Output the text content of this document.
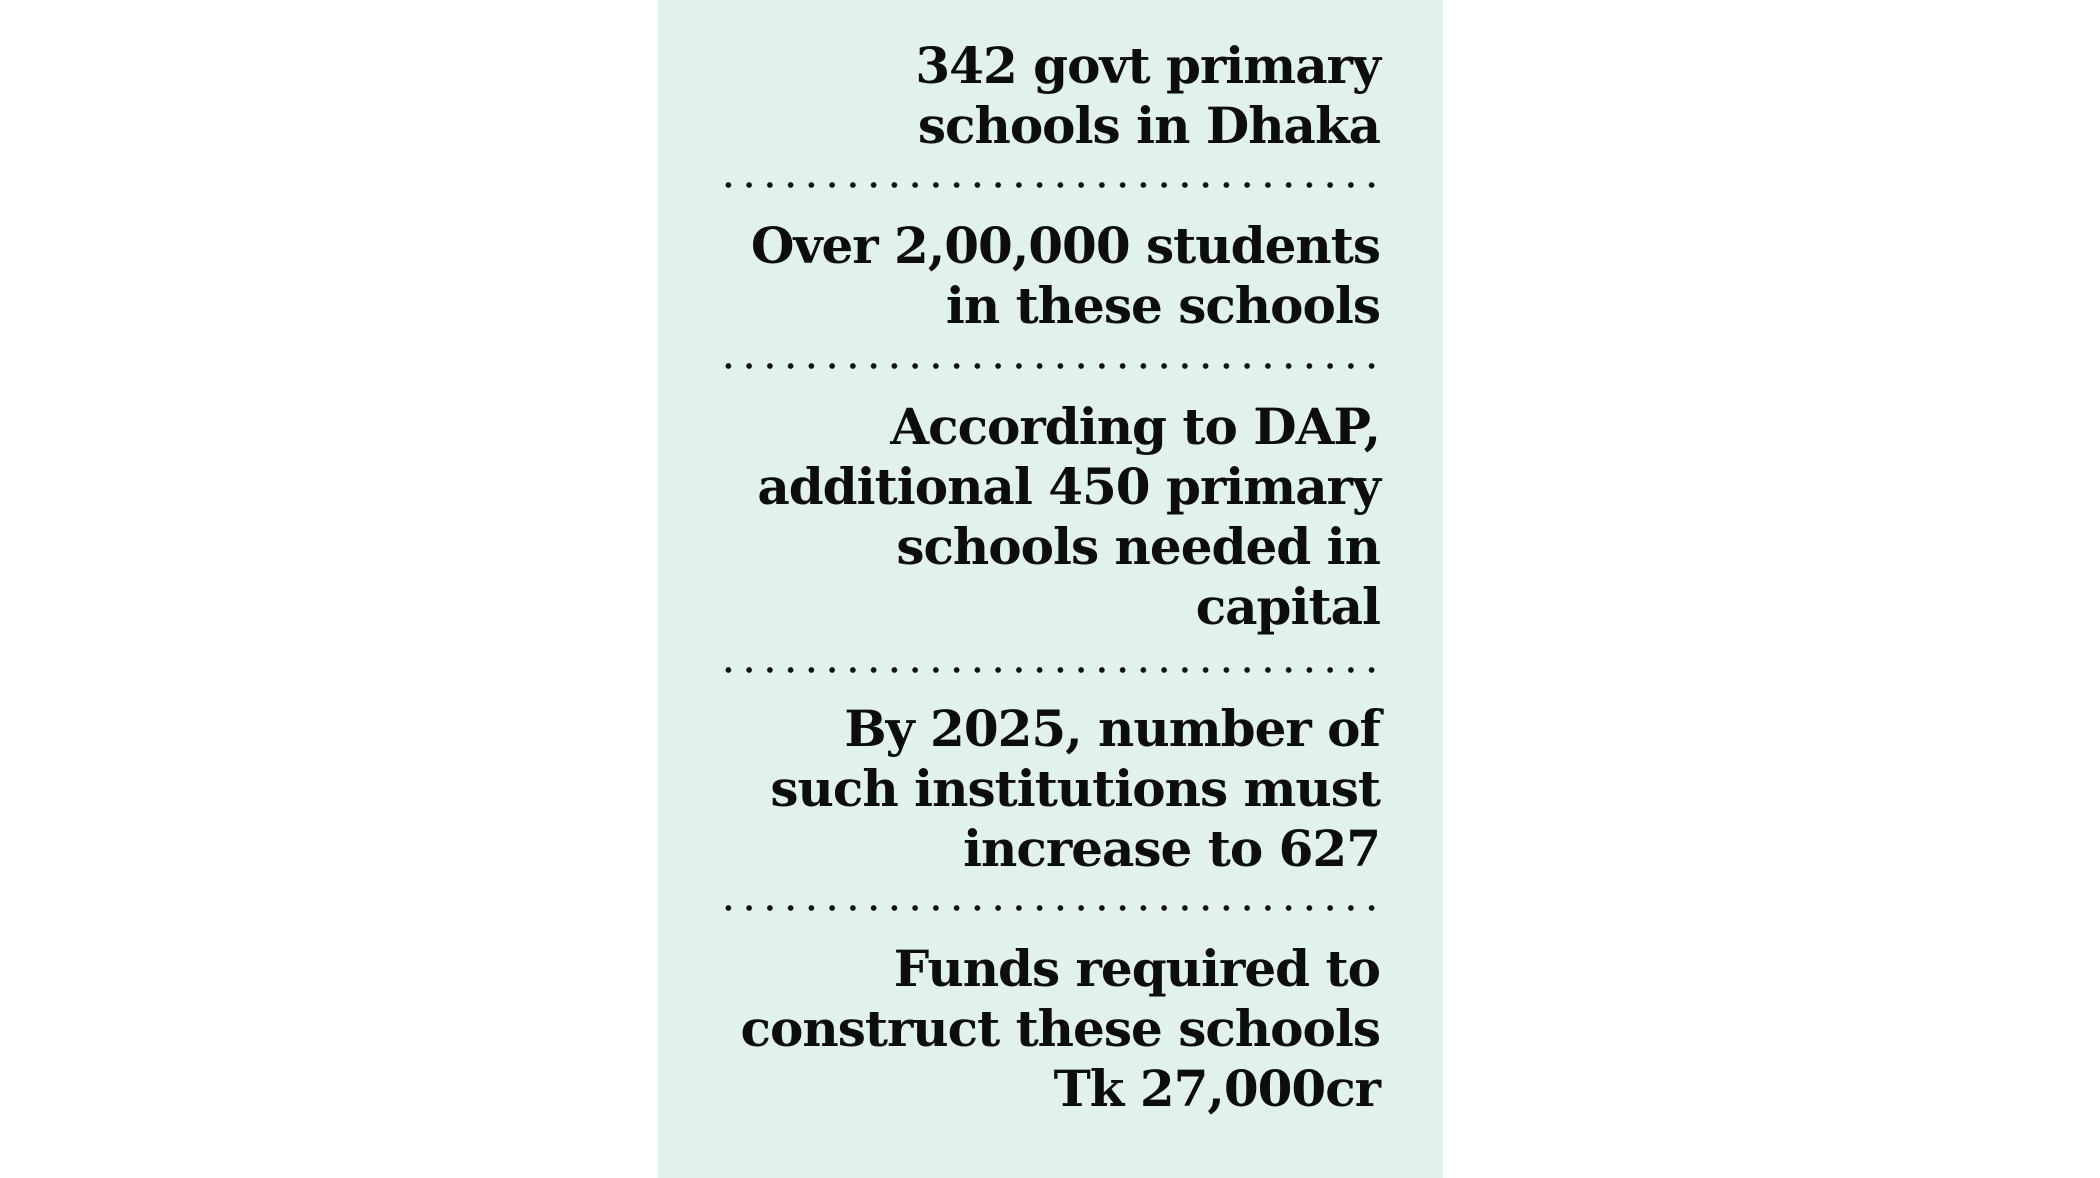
342 govt primary
schools in Dhaka
Over 2,00,000 students
in these schools
According to DAP,
additional 450 primary
schools needed in
capital
By 2025, number of
such institutions must
increase to 627
Funds required to
construct these schools
Tk 27,000cr
